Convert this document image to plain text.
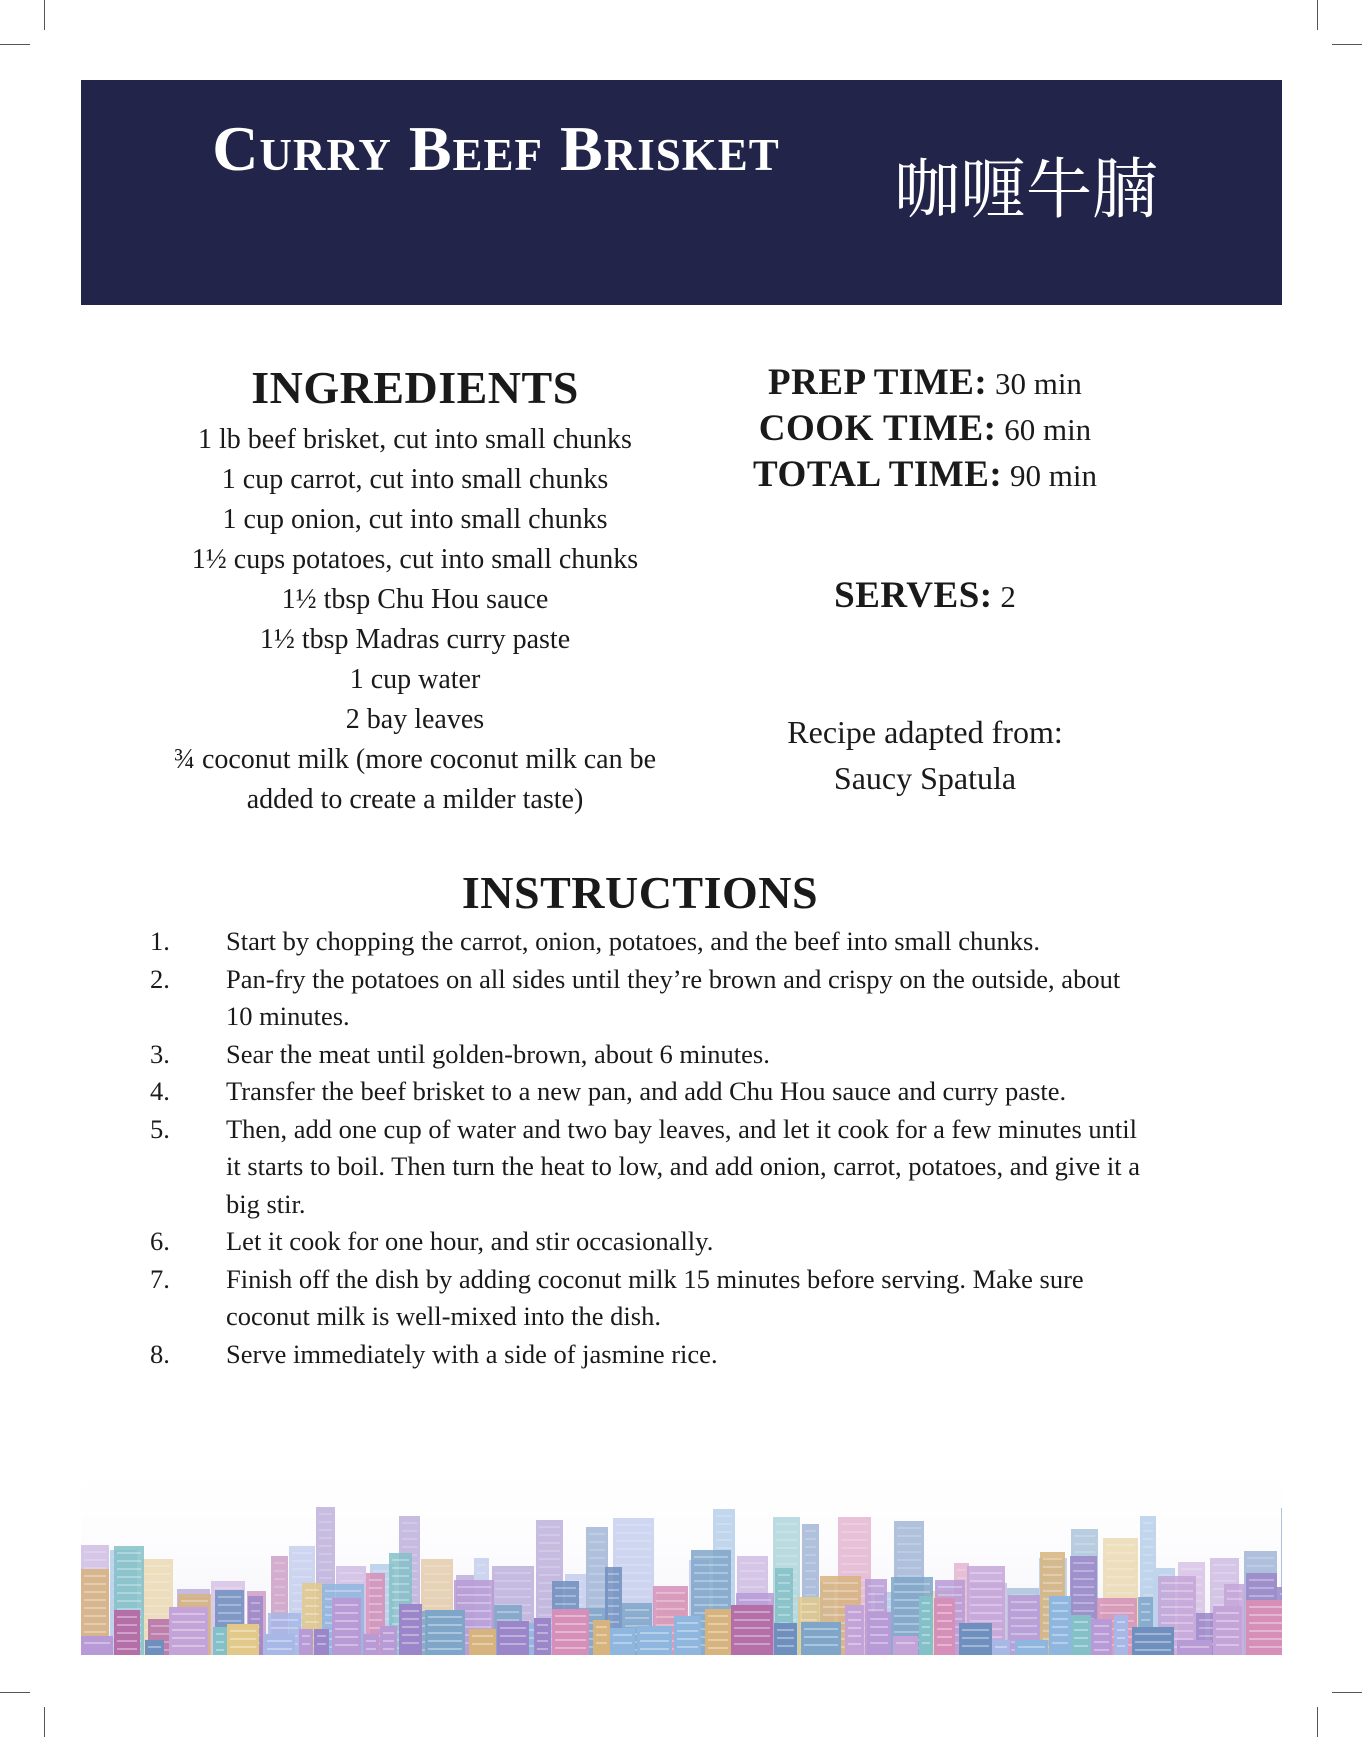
Curry Beef Brisket
咖喱牛腩
INGREDIENTS
1 lb beef brisket, cut into small chunks
1 cup carrot, cut into small chunks
1 cup onion, cut into small chunks
1½ cups potatoes, cut into small chunks
1½ tbsp Chu Hou sauce
1½ tbsp Madras curry paste
1 cup water
2 bay leaves
¾ coconut milk (more coconut milk can be added to create a milder taste)
PREP TIME: 30 min
COOK TIME: 60 min
TOTAL TIME: 90 min
SERVES: 2
Recipe adapted from:
Saucy Spatula
INSTRUCTIONS
1.	Start by chopping the carrot, onion, potatoes, and the beef into small chunks.
2.	Pan-fry the potatoes on all sides until they’re brown and crispy on the outside, about 10 minutes.
3.	Sear the meat until golden-brown, about 6 minutes.
4.	Transfer the beef brisket to a new pan, and add Chu Hou sauce and curry paste.
5.	Then, add one cup of water and two bay leaves, and let it cook for a few minutes until it starts to boil. Then turn the heat to low, and add onion, carrot, potatoes, and give it a big stir.
6.	Let it cook for one hour, and stir occasionally.
7.	Finish off the dish by adding coconut milk 15 minutes before serving. Make sure coconut milk is well-mixed into the dish.
8.	Serve immediately with a side of jasmine rice.
